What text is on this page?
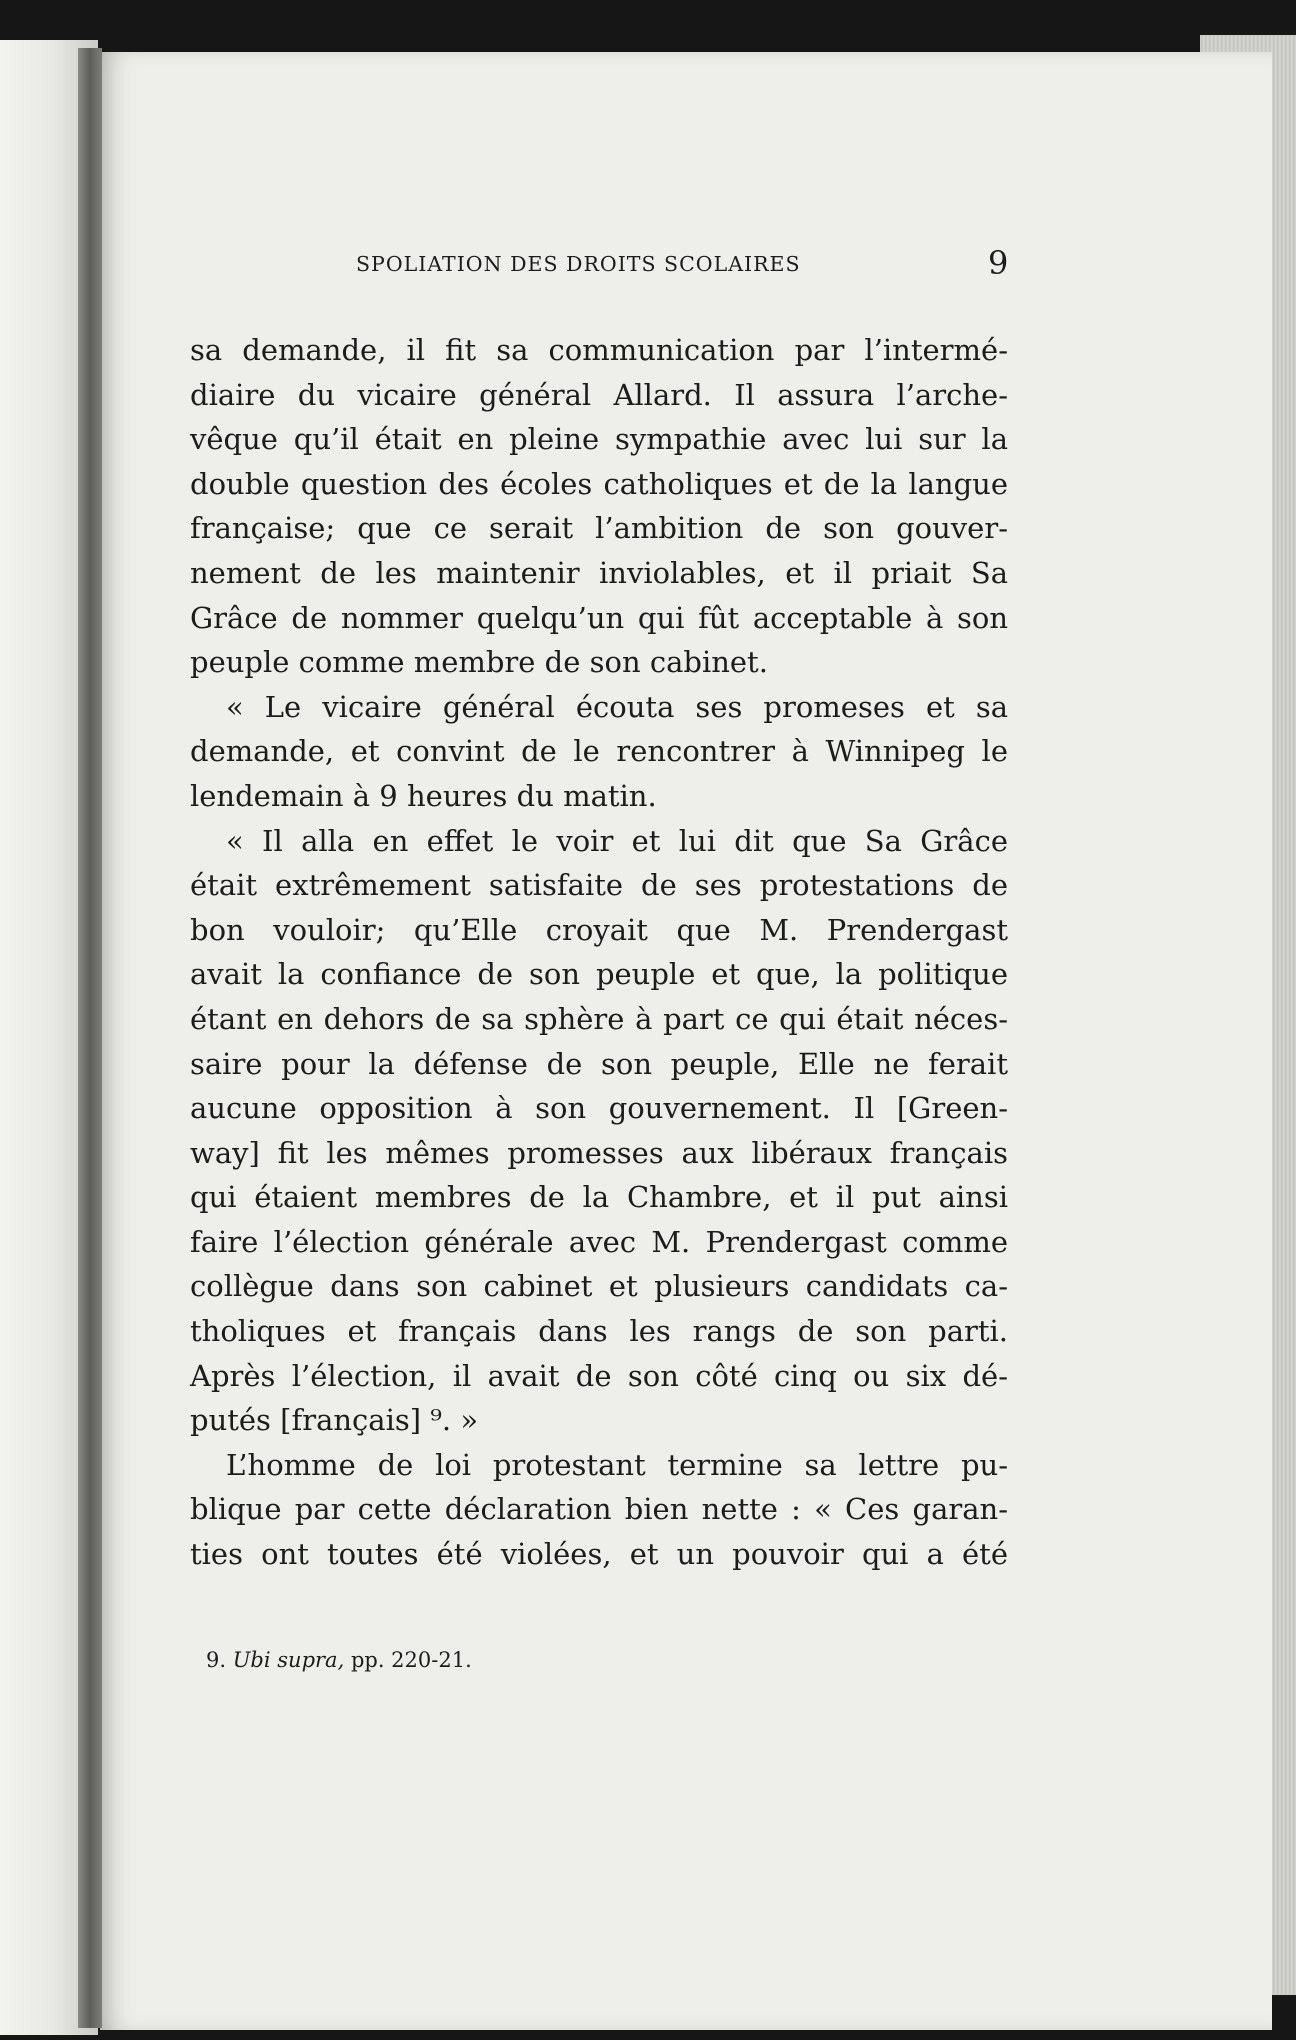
SPOLIATION DES DROITS SCOLAIRES	9
sa demande, il fit sa communication par l’intermé-
diaire du vicaire général Allard. Il assura l’arche-
vêque qu’il était en pleine sympathie avec lui sur la
double question des écoles catholiques et de la langue
française; que ce serait l’ambition de son gouver-
nement de les maintenir inviolables, et il priait Sa
Grâce de nommer quelqu’un qui fût acceptable à son
peuple comme membre de son cabinet.
« Le vicaire général écouta ses promeses et sa
demande, et convint de le rencontrer à Winnipeg le
lendemain à 9 heures du matin.
« Il alla en effet le voir et lui dit que Sa Grâce
était extrêmement satisfaite de ses protestations de
bon vouloir; qu’Elle croyait que M. Prendergast
avait la confiance de son peuple et que, la politique
étant en dehors de sa sphère à part ce qui était néces-
saire pour la défense de son peuple, Elle ne ferait
aucune opposition à son gouvernement. Il [Green-
way] fit les mêmes promesses aux libéraux français
qui étaient membres de la Chambre, et il put ainsi
faire l’élection générale avec M. Prendergast comme
collègue dans son cabinet et plusieurs candidats ca-
tholiques et français dans les rangs de son parti.
Après l’élection, il avait de son côté cinq ou six dé-
putés [français] ⁹. »
L’homme de loi protestant termine sa lettre pu-
blique par cette déclaration bien nette : « Ces garan-
ties ont toutes été violées, et un pouvoir qui a été
9. Ubi supra, pp. 220-21.
